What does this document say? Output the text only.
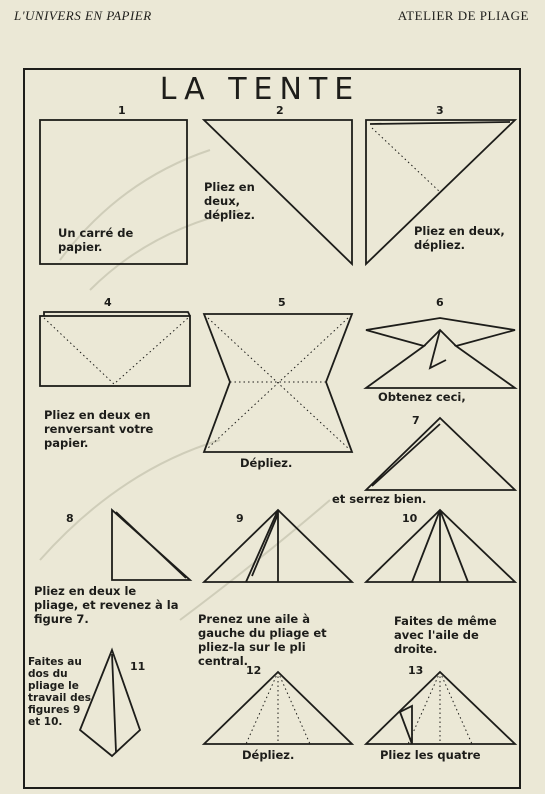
L'UNIVERS EN PAPIER	ATELIER DE PLIAGE
LA TENTE
1	2	3
4	5	6
7
8	9	10
11	12	13
Un carré de papier.
Pliez en deux, dépliez.
Pliez en deux, dépliez.
Pliez en deux en renversant votre papier.
Dépliez.
Obtenez ceci,
et serrez bien.
Pliez en deux le pliage, et revenez à la figure 7.	Prenez une aile à gauche du pliage et pliez-la sur le pli central.
Faites de même avec l'aile de droite.
Faites au dos du pliage le travail des figures 9 et 10.
Dépliez.	Pliez les quatre
